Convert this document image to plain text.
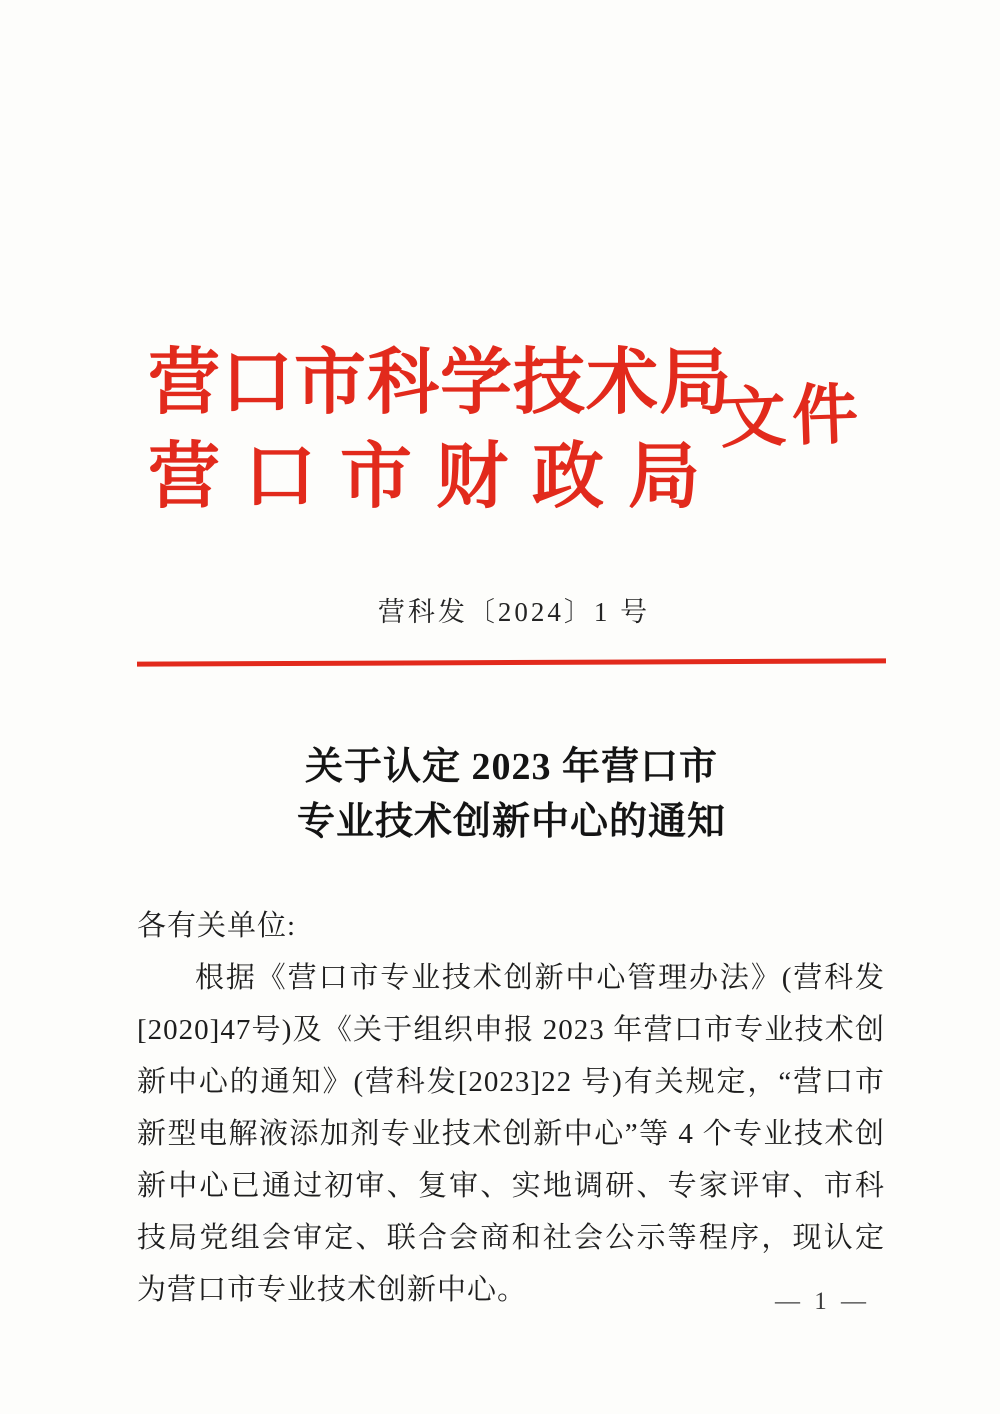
营口市科学技术局
营口市财政局
文件
营科发〔2024〕1 号
关于认定 2023 年营口市
专业技术创新中心的通知

各有关单位:

根据《营口市专业技术创新中心管理办法》(营科发[2020]47号)及《关于组织申报 2023 年营口市专业技术创新中心的通知》(营科发[2023]22 号)有关规定，“营口市新型电解液添加剂专业技术创新中心”等 4 个专业技术创新中心已通过初审、复审、实地调研、专家评审、市科技局党组会审定、联合会商和社会公示等程序，现认定为营口市专业技术创新中心。	— 1 —
